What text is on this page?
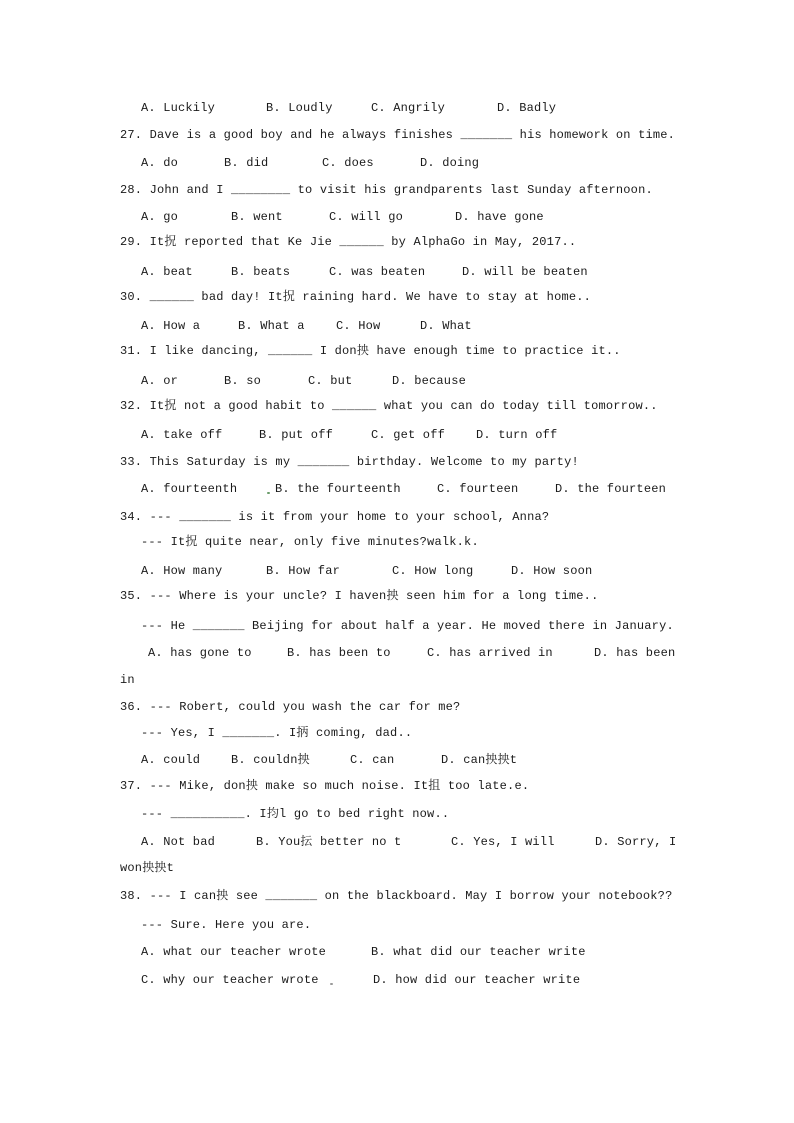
A. Luckily	B. Loudly	C. Angrily	D. Badly
27. Dave is a good boy and he always finishes _______ his homework on time.
A. do	B. did	C. does	D. doing
28. John and I ________ to visit his grandparents last Sunday afternoon.
A. go	B. went	C. will go	D. have gone
29. It拀 reported that Ke Jie ______ by AlphaGo in May, 2017..
A. beat	B. beats	C. was beaten	D. will be beaten
30. ______ bad day! It拀 raining hard. We have to stay at home..
A. How a	B. What a	C. How	D. What
31. I like dancing, ______ I don抰 have enough time to practice it..
A. or	B. so	C. but	D. because
32. It拀 not a good habit to ______ what you can do today till tomorrow..
A. take off	B. put off	C. get off	D. turn off
33. This Saturday is my _______ birthday. Welcome to my party!
A. fourteenth	B. the fourteenth	C. fourteen	D. the fourteen
34. --- _______ is it from your home to your school, Anna?
--- It拀 quite near, only five minutes?walk.k.
A. How many	B. How far	C. How long	D. How soon
35. --- Where is your uncle? I haven抰 seen him for a long time..
--- He _______ Beijing for about half a year. He moved there in January.
A. has gone to	B. has been to	C. has arrived in	D. has been
in
36. --- Robert, could you wash the car for me?
--- Yes, I _______. I抦 coming, dad..
A. could	B. couldn抰	C. can	D. can抰抰t
37. --- Mike, don抰 make so much noise. It抯 too late.e.
--- __________. I抣l go to bed right now..
A. Not bad	B. You抎 better no t	C. Yes, I will	D. Sorry, I
won抰抰t
38. --- I can抰 see _______ on the blackboard. May I borrow your notebook??
--- Sure. Here you are.
A. what our teacher wrote	B. what did our teacher write
C. why our teacher wrote	D. how did our teacher write
